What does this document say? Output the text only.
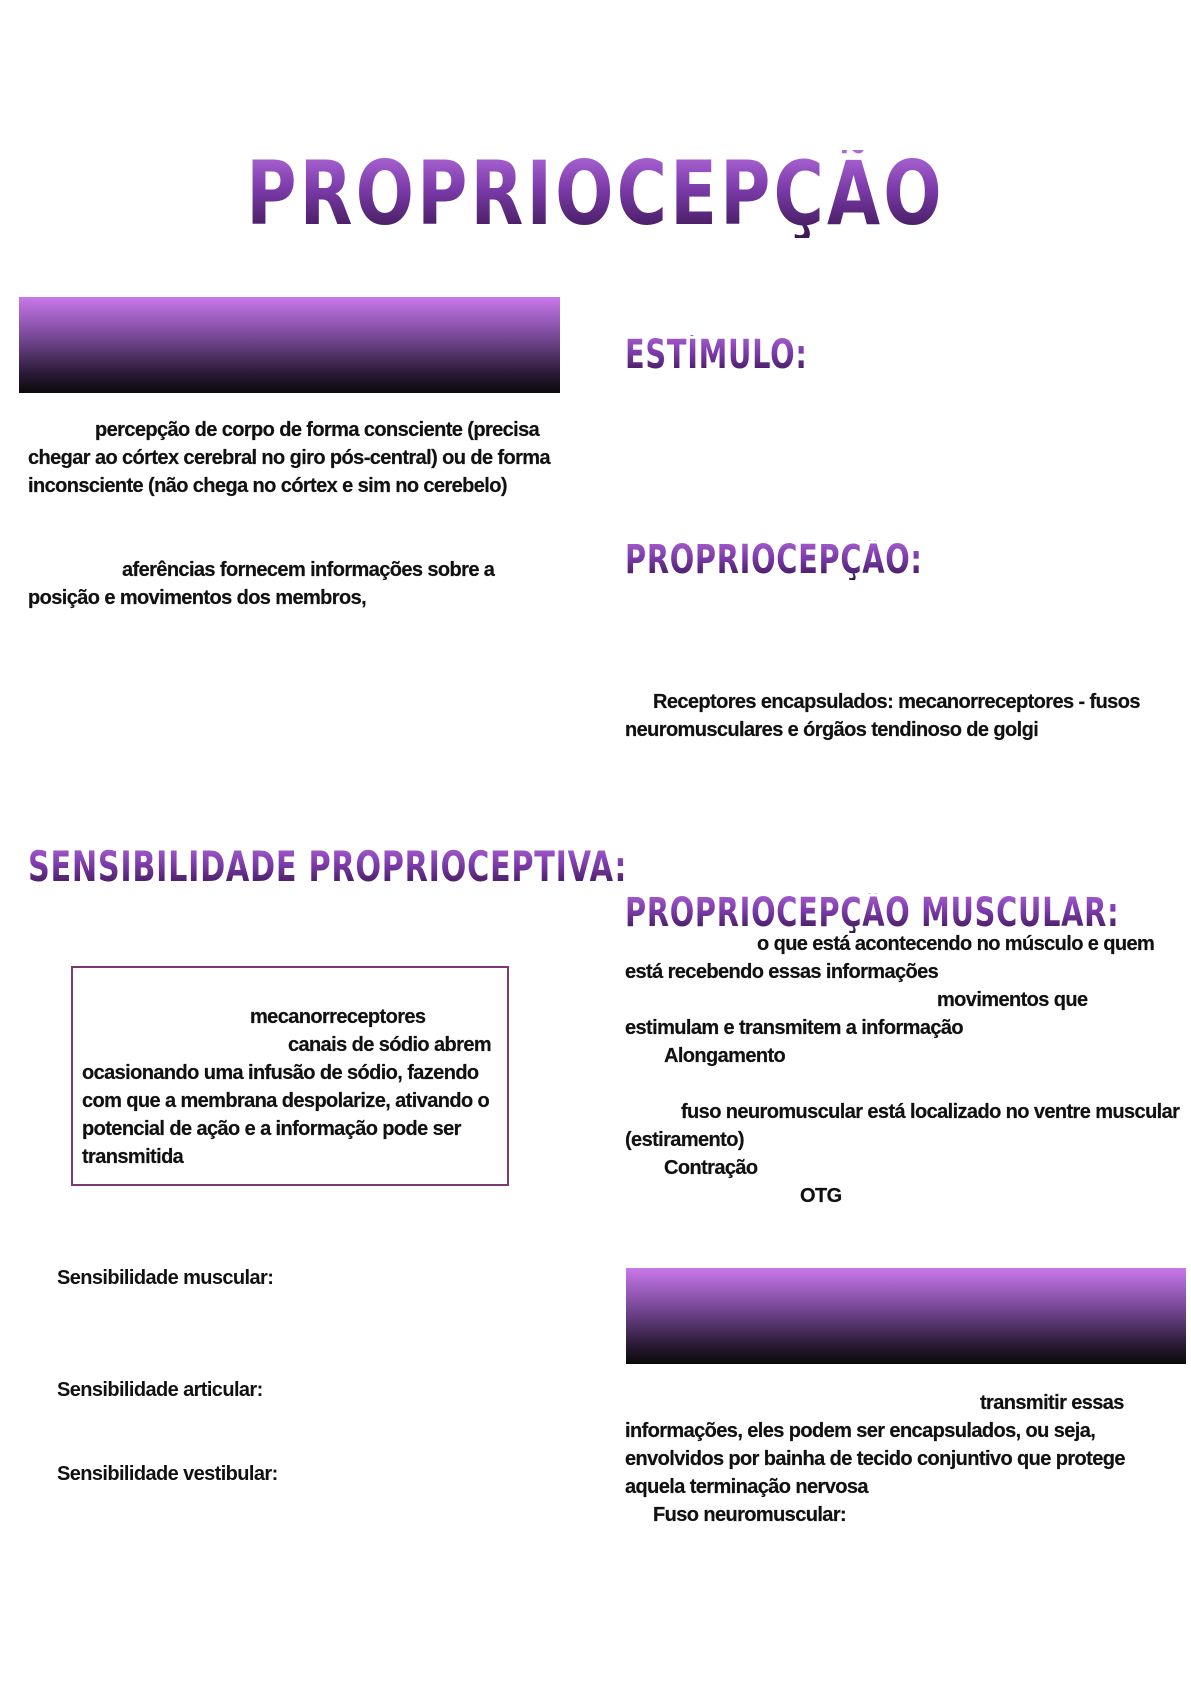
PROPRIOCEPÇÃO
percepção de corpo de forma consciente (precisa chegar ao córtex cerebral no giro pós-central) ou de forma inconsciente (não chega no córtex e sim no cerebelo)
aferências fornecem informações sobre a posição e movimentos dos membros,
SENSIBILIDADE PROPRIOCEPTIVA:
mecanorreceptores
canais de sódio abrem
ocasionando uma infusão de sódio, fazendo com que a membrana despolarize, ativando o potencial de ação e a informação pode ser transmitida
Sensibilidade muscular:
Sensibilidade articular:
Sensibilidade vestibular:
ESTÍMULO:
PROPRIOCEPÇÃO:
Receptores encapsulados: mecanorreceptores - fusos neuromusculares e órgãos tendinoso de golgi
PROPRIOCEPÇÃO MUSCULAR:
o que está acontecendo no músculo e quem
está recebendo essas informações
movimentos que
estimulam e transmitem a informação
Alongamento
fuso neuromuscular está localizado no ventre muscular
(estiramento)
Contração
OTG
transmitir essas
informações, eles podem ser encapsulados, ou seja, envolvidos por bainha de tecido conjuntivo que protege aquela terminação nervosa
Fuso neuromuscular:
